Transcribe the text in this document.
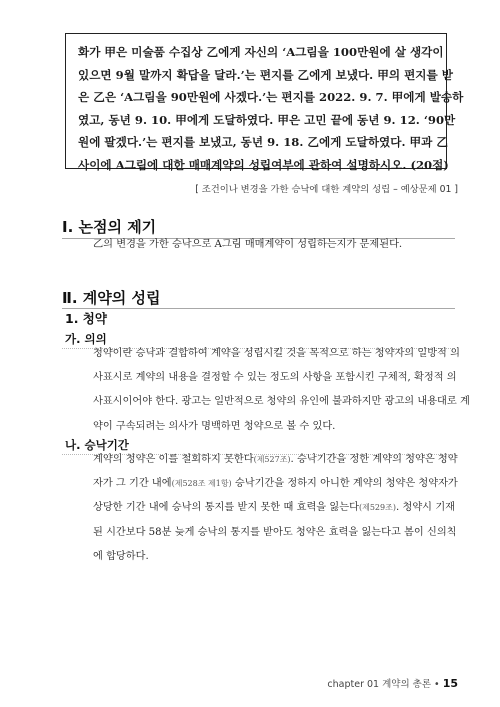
화가 甲은 미술품 수집상 乙에게 자신의 ‘A그림을 100만원에 살 생각이
있으면 9월 말까지 확답을 달라.’는 편지를 乙에게 보냈다. 甲의 편지를 받
은 乙은 ‘A그림을 90만원에 사겠다.’는 편지를 2022. 9. 7. 甲에게 발송하
였고, 동년 9. 10. 甲에게 도달하였다. 甲은 고민 끝에 동년 9. 12. ‘90만
원에 팔겠다.’는 편지를 보냈고, 동년 9. 18. 乙에게 도달하였다. 甲과 乙
사이에 A그림에 대한 매매계약의 성립여부에 관하여 설명하시오. (20점)
[ 조건이나 변경을 가한 승낙에 대한 계약의 성립 – 예상문제 01 ]
Ⅰ. 논점의 제기
乙의 변경을 가한 승낙으로 A그림 매매계약이 성립하는지가 문제된다.
Ⅱ. 계약의 성립
1. 청약
가. 의의
청약이란 승낙과 결합하여 계약을 성립시킬 것을 목적으로 하는 청약자의 일방적 의
사표시로 계약의 내용을 결정할 수 있는 정도의 사항을 포함시킨 구체적, 확정적 의
사표시이어야 한다. 광고는 일반적으로 청약의 유인에 불과하지만 광고의 내용대로 계
약이 구속되려는 의사가 명백하면 청약으로 볼 수 있다.
나. 승낙기간
계약의 청약은 이를 철회하지 못한다(제527조). 승낙기간을 정한 계약의 청약은 청약
자가 그 기간 내에(제528조 제1항) 승낙기간을 정하지 아니한 계약의 청약은 청약자가
상당한 기간 내에 승낙의 통지를 받지 못한 때 효력을 잃는다(제529조). 청약시 기재
된 시간보다 58분 늦게 승낙의 통지를 받아도 청약은 효력을 잃는다고 봄이 신의칙
에 합당하다.
chapter 01 계약의 총론 • 15
